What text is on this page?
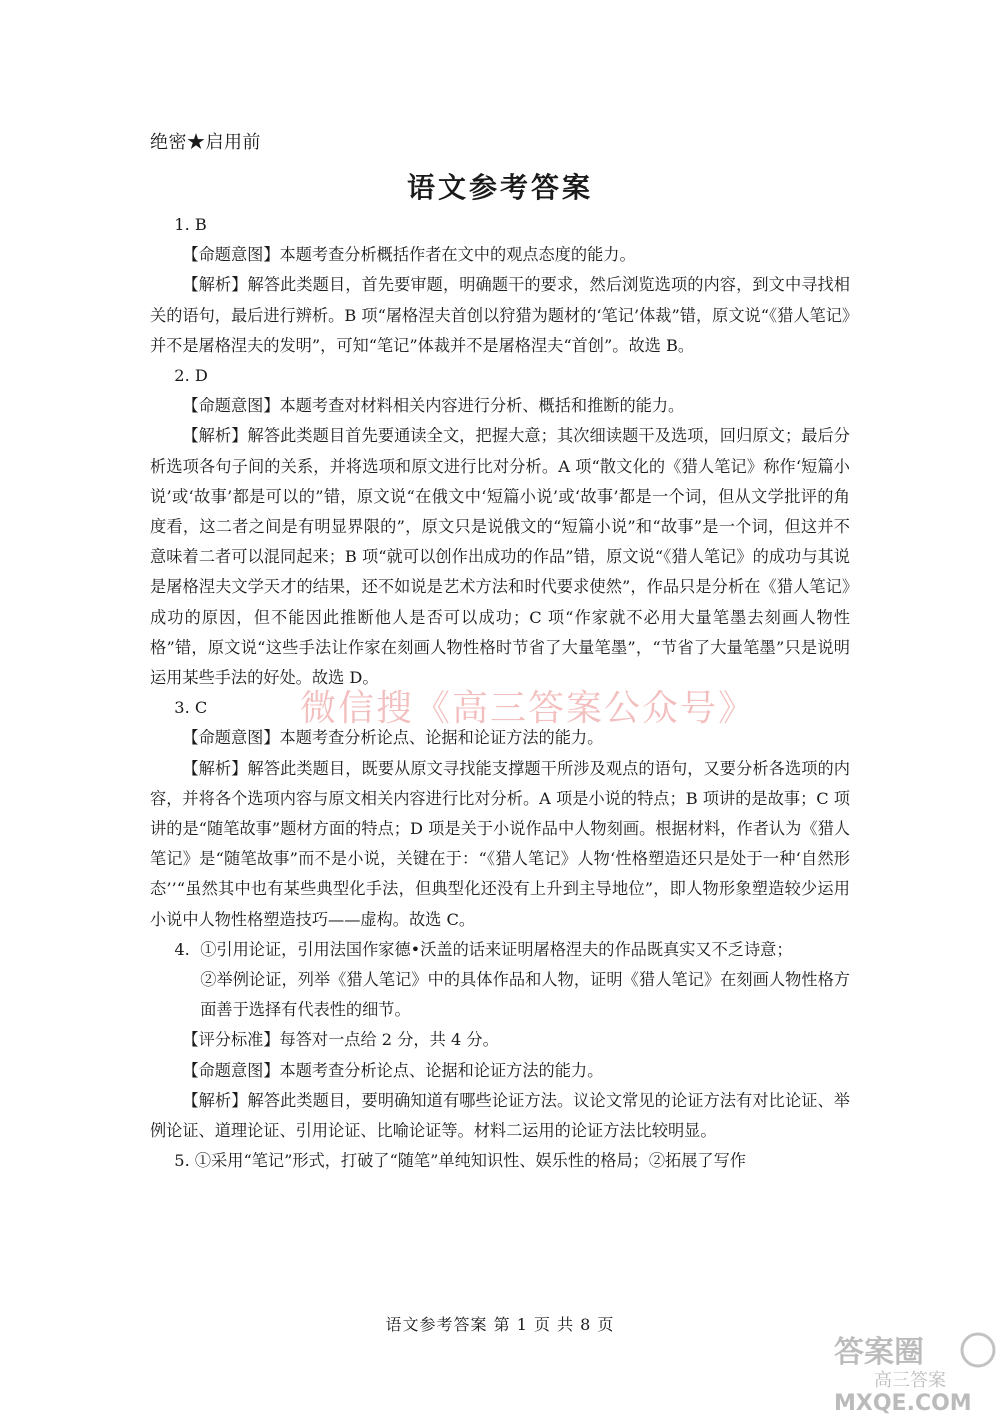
绝密★启用前
语文参考答案

1. B

【命题意图】本题考查分析概括作者在文中的观点态度的能力。

【解析】解答此类题目，首先要审题，明确题干的要求，然后浏览选项的内容，到文中寻找相关的语句，最后进行辨析。B 项“屠格涅夫首创以狩猎为题材的‘笔记’体裁”错，原文说“《猎人笔记》并不是屠格涅夫的发明”，可知“笔记”体裁并不是屠格涅夫“首创”。故选 B。

2. D

【命题意图】本题考查对材料相关内容进行分析、概括和推断的能力。

【解析】解答此类题目首先要通读全文，把握大意；其次细读题干及选项，回归原文；最后分析选项各句子间的关系，并将选项和原文进行比对分析。A 项“散文化的《猎人笔记》称作‘短篇小说’或‘故事’都是可以的”错，原文说“在俄文中‘短篇小说’或‘故事’都是一个词，但从文学批评的角度看，这二者之间是有明显界限的”，原文只是说俄文的“短篇小说”和“故事”是一个词，但这并不意味着二者可以混同起来；B 项“就可以创作出成功的作品”错，原文说“《猎人笔记》的成功与其说是屠格涅夫文学天才的结果，还不如说是艺术方法和时代要求使然”，作品只是分析在《猎人笔记》成功的原因，但不能因此推断他人是否可以成功；C 项“作家就不必用大量笔墨去刻画人物性格”错，原文说“这些手法让作家在刻画人物性格时节省了大量笔墨”，“节省了大量笔墨”只是说明运用某些手法的好处。故选 D。

3. C

【命题意图】本题考查分析论点、论据和论证方法的能力。

【解析】解答此类题目，既要从原文寻找能支撑题干所涉及观点的语句，又要分析各选项的内容，并将各个选项内容与原文相关内容进行比对分析。A 项是小说的特点；B 项讲的是故事；C 项讲的是“随笔故事”题材方面的特点；D 项是关于小说作品中人物刻画。根据材料，作者认为《猎人笔记》是“随笔故事”而不是小说，关键在于：“《猎人笔记》人物‘性格塑造还只是处于一种‘自然形态’’“虽然其中也有某些典型化手法，但典型化还没有上升到主导地位”，即人物形象塑造较少运用小说中人物性格塑造技巧——虚构。故选 C。

4. ①引用论证，引用法国作家德•沃盖的话来证明屠格涅夫的作品既真实又不乏诗意；

②举例论证，列举《猎人笔记》中的具体作品和人物，证明《猎人笔记》在刻画人物性格方面善于选择有代表性的细节。

【评分标准】每答对一点给 2 分，共 4 分。

【命题意图】本题考查分析论点、论据和论证方法的能力。

【解析】解答此类题目，要明确知道有哪些论证方法。议论文常见的论证方法有对比论证、举例论证、道理论证、引用论证、比喻论证等。材料二运用的论证方法比较明显。

5. ①采用“笔记”形式，打破了“随笔”单纯知识性、娱乐性的格局；②拓展了写作

微信搜《高三答案公众号》
语文参考答案 第 1 页 共 8 页
答案圈
高三答案
MXQE.COM
